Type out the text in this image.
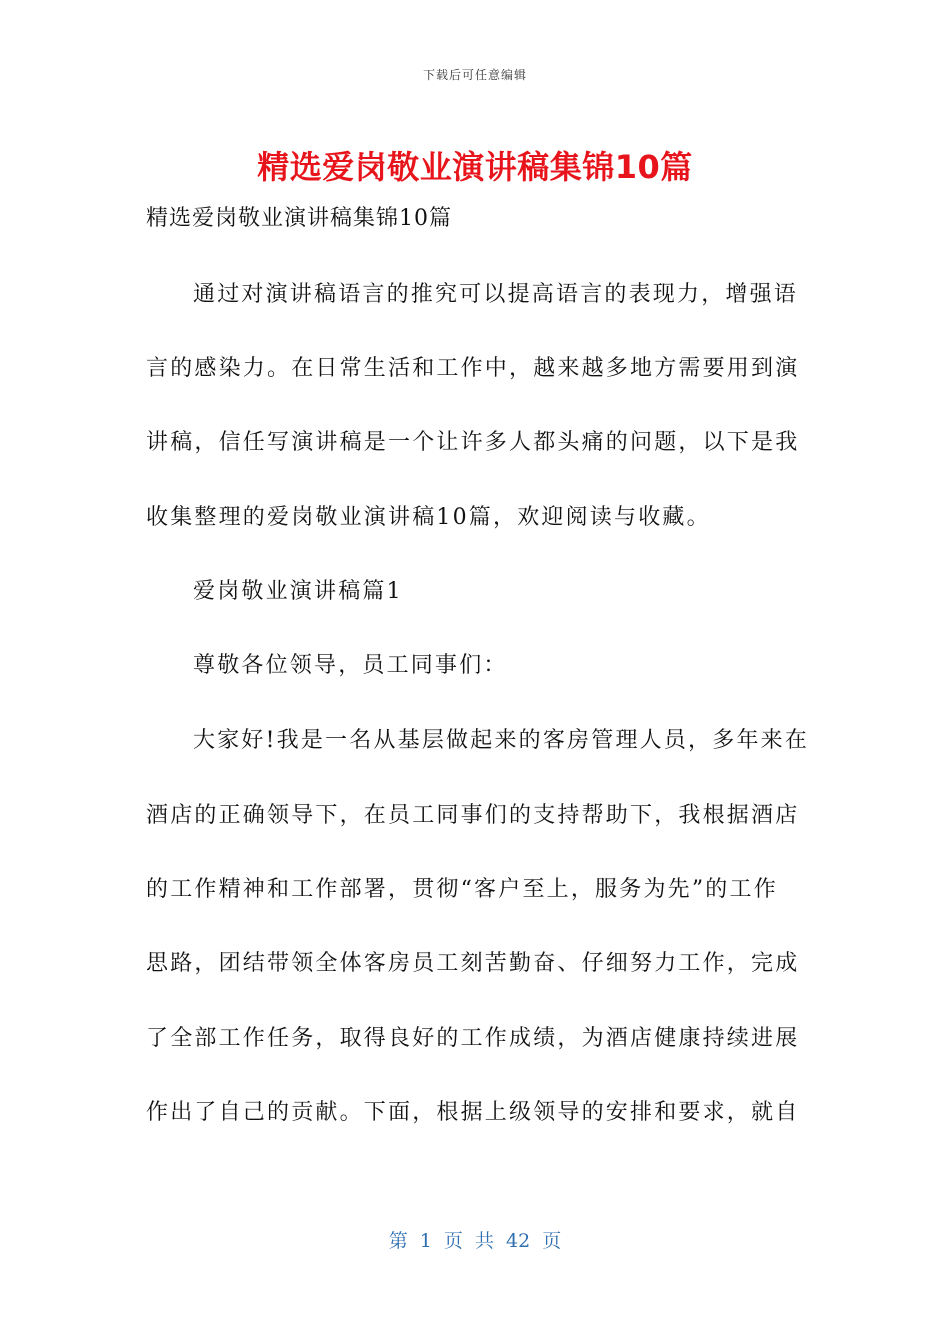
下载后可任意编辑
精选爱岗敬业演讲稿集锦10篇
精选爱岗敬业演讲稿集锦10篇
通过对演讲稿语言的推究可以提高语言的表现力，增强语
言的感染力。在日常生活和工作中，越来越多地方需要用到演
讲稿，信任写演讲稿是一个让许多人都头痛的问题，以下是我
收集整理的爱岗敬业演讲稿10篇，欢迎阅读与收藏。
爱岗敬业演讲稿篇1
尊敬各位领导，员工同事们：
大家好!我是一名从基层做起来的客房管理人员，多年来在
酒店的正确领导下，在员工同事们的支持帮助下，我根据酒店
的工作精神和工作部署，贯彻“客户至上，服务为先”的工作
思路，团结带领全体客房员工刻苦勤奋、仔细努力工作，完成
了全部工作任务，取得良好的工作成绩，为酒店健康持续进展
作出了自己的贡献。下面，根据上级领导的安排和要求，就自
第 1 页 共 42 页
